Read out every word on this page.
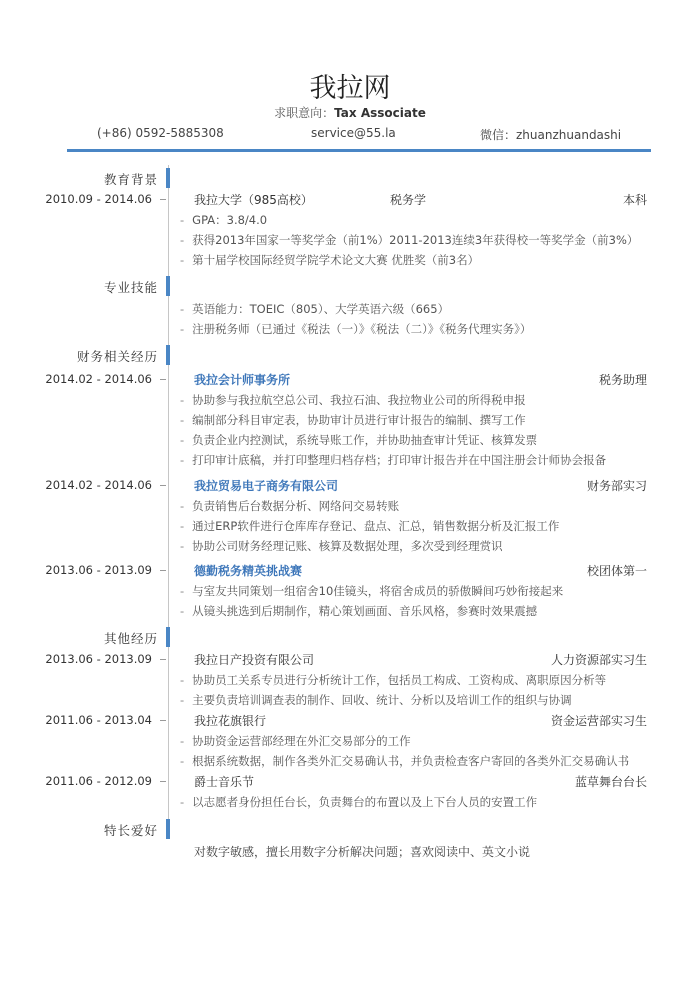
我拉网
求职意向：Tax Associate
(+86) 0592-5885308	service@55.la	微信：zhuanzhuandashi
教育背景
2010.09 - 2014.06	我拉大学（985高校）	税务学	本科
- GPA：3.8/4.0
- 获得2013年国家一等奖学金（前1%）2011-2013连续3年获得校一等奖学金（前3%）
- 第十届学校国际经贸学院学术论文大赛 优胜奖（前3名）
专业技能
- 英语能力：TOEIC（805）、大学英语六级（665）
- 注册税务师（已通过《税法（一）》《税法（二）》《税务代理实务》）
财务相关经历
2014.02 - 2014.06	我拉会计师事务所	税务助理
- 协助参与我拉航空总公司、我拉石油、我拉物业公司的所得税申报
- 编制部分科目审定表，协助审计员进行审计报告的编制、撰写工作
- 负责企业内控测试，系统导账工作，并协助抽查审计凭证、核算发票
- 打印审计底稿，并打印整理归档存档；打印审计报告并在中国注册会计师协会报备
2014.02 - 2014.06	我拉贸易电子商务有限公司	财务部实习
- 负责销售后台数据分析、网络问交易转账
- 通过ERP软件进行仓库库存登记、盘点、汇总，销售数据分析及汇报工作
- 协助公司财务经理记账、核算及数据处理，多次受到经理赏识
2013.06 - 2013.09	德勤税务精英挑战赛	校团体第一
- 与室友共同策划一组宿舍10佳镜头，将宿舍成员的骄傲瞬间巧妙衔接起来
- 从镜头挑选到后期制作，精心策划画面、音乐风格，参赛时效果震撼
其他经历
2013.06 - 2013.09	我拉日产投资有限公司	人力资源部实习生
- 协助员工关系专员进行分析统计工作，包括员工构成、工资构成、离职原因分析等
- 主要负责培训调查表的制作、回收、统计、分析以及培训工作的组织与协调
2011.06 - 2013.04	我拉花旗银行	资金运营部实习生
- 协助资金运营部经理在外汇交易部分的工作
- 根据系统数据，制作各类外汇交易确认书，并负责检查客户寄回的各类外汇交易确认书
2011.06 - 2012.09	爵士音乐节	蓝草舞台台长
- 以志愿者身份担任台长，负责舞台的布置以及上下台人员的安置工作
特长爱好
对数字敏感，擅长用数字分析解决问题；喜欢阅读中、英文小说
